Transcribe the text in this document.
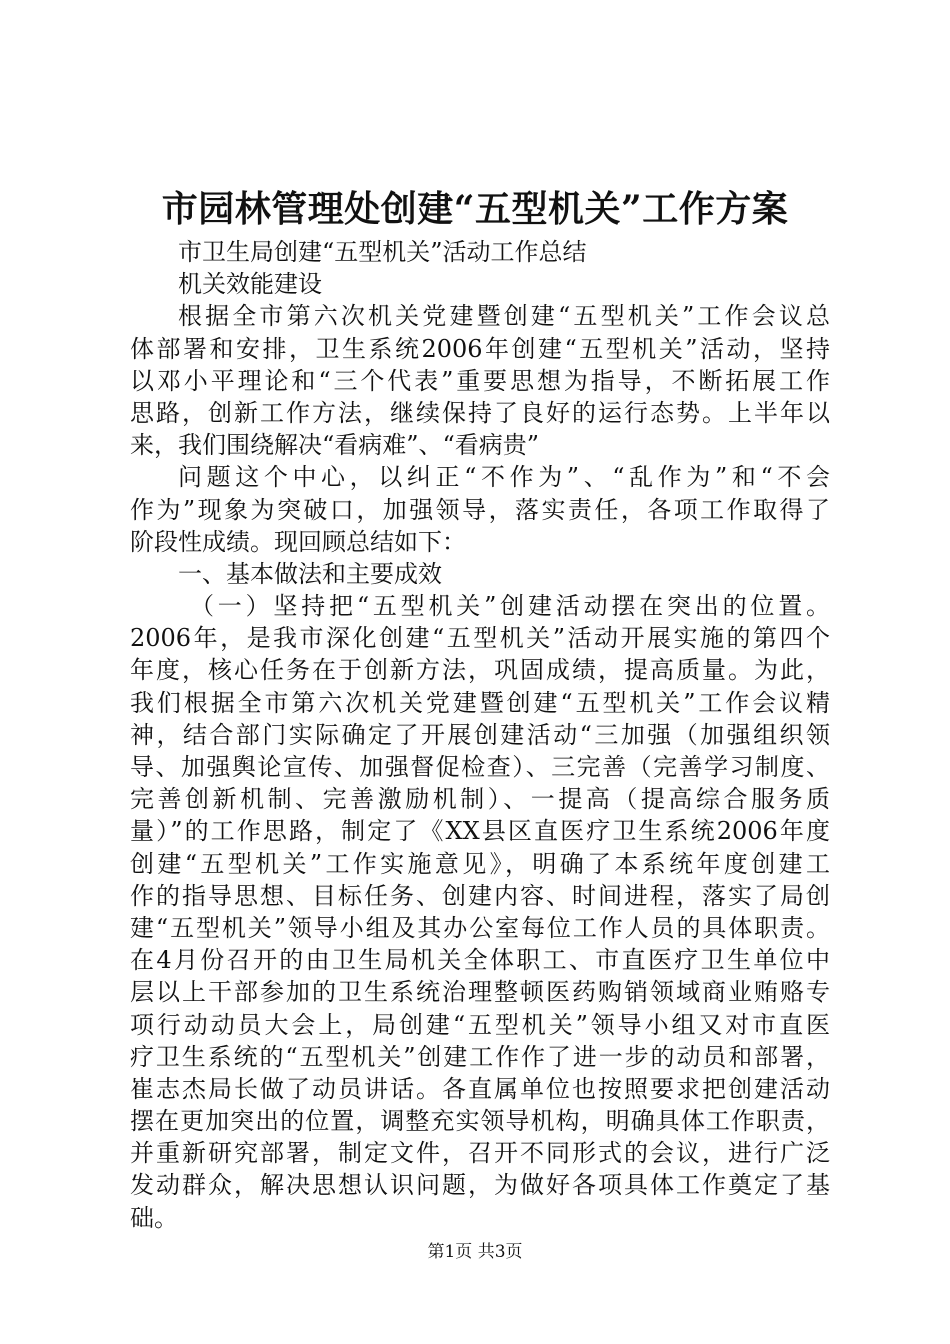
市园林管理处创建“五型机关”工作方案
市卫生局创建“五型机关”活动工作总结
机关效能建设
根据全市第六次机关党建暨创建“五型机关”工作会议总
体部署和安排，卫生系统2006年创建“五型机关”活动，坚持
以邓小平理论和“三个代表”重要思想为指导，不断拓展工作
思路，创新工作方法，继续保持了良好的运行态势。上半年以
来，我们围绕解决“看病难”、“看病贵”
问题这个中心，以纠正“不作为”、“乱作为”和“不会
作为”现象为突破口，加强领导，落实责任，各项工作取得了
阶段性成绩。现回顾总结如下：
一、基本做法和主要成效
（一）坚持把“五型机关”创建活动摆在突出的位置。
2006年，是我市深化创建“五型机关”活动开展实施的第四个
年度，核心任务在于创新方法，巩固成绩，提高质量。为此，
我们根据全市第六次机关党建暨创建“五型机关”工作会议精
神，结合部门实际确定了开展创建活动“三加强（加强组织领
导、加强舆论宣传、加强督促检查）、三完善（完善学习制度、
完善创新机制、完善激励机制）、一提高（提高综合服务质
量）”的工作思路，制定了《XX县区直医疗卫生系统2006年度
创建“五型机关”工作实施意见》，明确了本系统年度创建工
作的指导思想、目标任务、创建内容、时间进程，落实了局创
建“五型机关”领导小组及其办公室每位工作人员的具体职责。
在4月份召开的由卫生局机关全体职工、市直医疗卫生单位中
层以上干部参加的卫生系统治理整顿医药购销领域商业贿赂专
项行动动员大会上，局创建“五型机关”领导小组又对市直医
疗卫生系统的“五型机关”创建工作作了进一步的动员和部署，
崔志杰局长做了动员讲话。各直属单位也按照要求把创建活动
摆在更加突出的位置，调整充实领导机构，明确具体工作职责，
并重新研究部署，制定文件，召开不同形式的会议，进行广泛
发动群众，解决思想认识问题，为做好各项具体工作奠定了基
础。
第1页 共3页
